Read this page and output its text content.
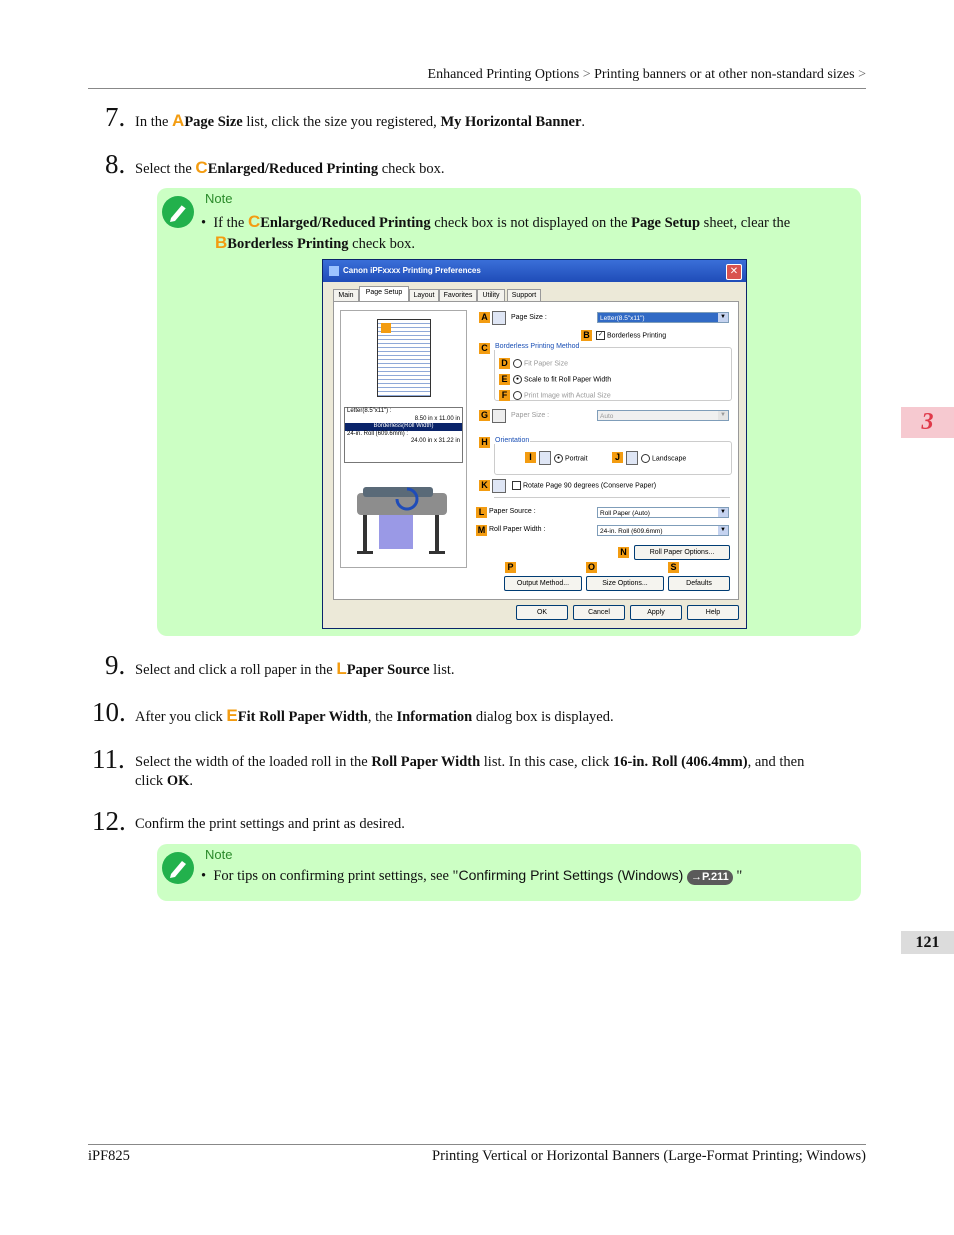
Enhanced Printing Options > Printing banners or at other non-standard sizes >
7. In the APage Size list, click the size you registered, My Horizontal Banner.
8. Select the CEnlarged/Reduced Printing check box.
Note
• If the CEnlarged/Reduced Printing check box is not displayed on the Page Setup sheet, clear the
BBorderless Printing check box.
Canon iPFxxxx Printing Preferences	✕
Main	Page Setup	Layout	Favorites	Utility	Support
Letter(8.5"x11") :
8.50 in x 11.00 in
Borderless(Roll Width)
24-in. Roll (609.6mm) :
24.00 in x 31.22 in
A	Page Size :	Letter(8.5"x11")	▼
B	✓ Borderless Printing
C	Borderless Printing Method
D	Fit Paper Size
E	● Scale to fit Roll Paper Width
F	Print Image with Actual Size
G	Paper Size :	Auto	▼
H	Orientation
I	● Portrait	J	Landscape
K	Rotate Page 90 degrees (Conserve Paper)
L Paper Source :	Roll Paper (Auto)	▼
M Roll Paper Width :	24-in. Roll (609.6mm)	▼
N	Roll Paper Options...
P	O	S
Output Method...	Size Options...	Defaults
OK	Cancel	Apply	Help
9. Select and click a roll paper in the LPaper Source list.
10. After you click EFit Roll Paper Width, the Information dialog box is displayed.
11. Select the width of the loaded roll in the Roll Paper Width list. In this case, click 16-in. Roll (406.4mm), and then
click OK.
12. Confirm the print settings and print as desired.
Note
• For tips on confirming print settings, see "Confirming Print Settings (Windows) →P.211 "
3
121
iPF825	Printing Vertical or Horizontal Banners (Large-Format Printing; Windows)
